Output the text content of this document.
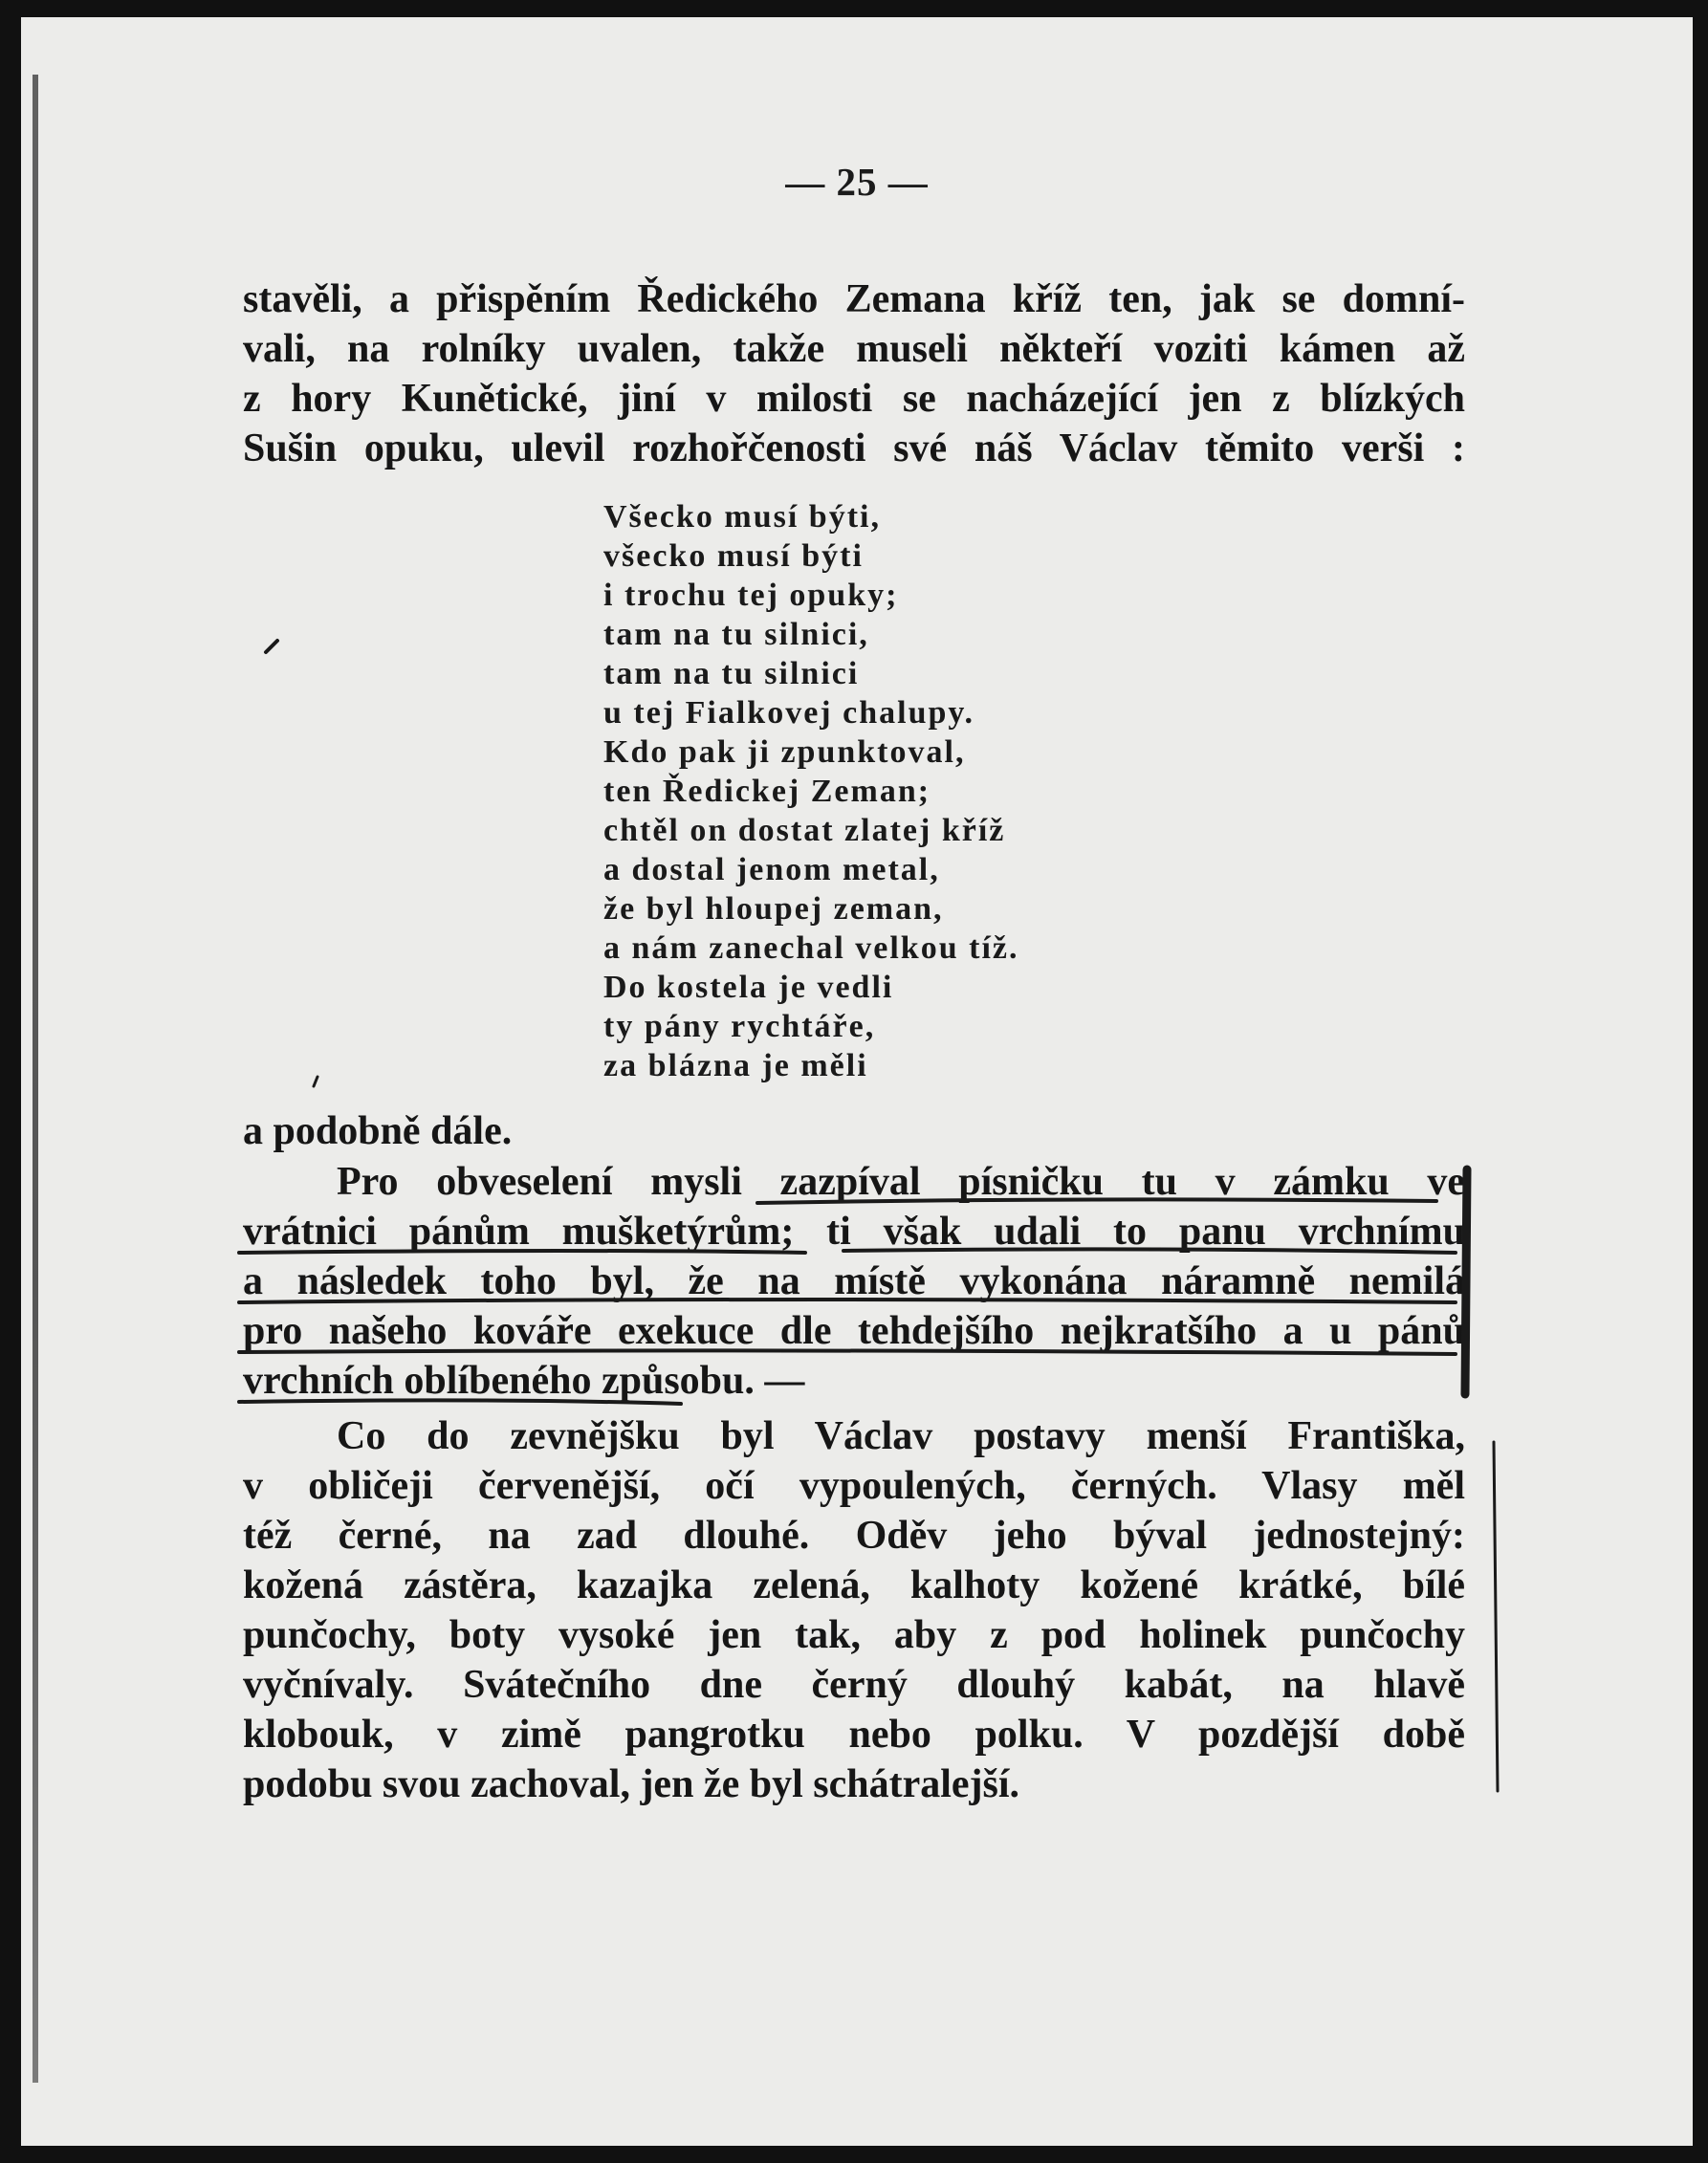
— 25 —
stavěli, a přispěním Ředického Zemana kříž ten, jak se domní-
vali, na rolníky uvalen, takže museli někteří voziti kámen až
z hory Kunětické, jiní v milosti se nacházející jen z blízkých
Sušin opuku, ulevil rozhořčenosti své náš Václav těmito verši :
Všecko musí býti,
všecko musí býti
i trochu tej opuky;
tam na tu silnici,
tam na tu silnici
u tej Fialkovej chalupy.
Kdo pak ji zpunktoval,
ten Ředickej Zeman;
chtěl on dostat zlatej kříž
a dostal jenom metal,
že byl hloupej zeman,
a nám zanechal velkou tíž.
Do kostela je vedli
ty pány rychtáře,
za blázna je měli
a podobně dále.
Pro obveselení mysli zazpíval písničku tu v zámku ve
vrátnici pánům mušketýrům; ti však udali to panu vrchnímu
a následek toho byl, že na místě vykonána náramně nemilá
pro našeho kováře exekuce dle tehdejšího nejkratšího a u pánů
vrchních oblíbeného způsobu. —
Co do zevnějšku byl Václav postavy menší Františka,
v obličeji červenější, očí vypoulených, černých. Vlasy měl
též černé, na zad dlouhé. Oděv jeho býval jednostejný:
kožená zástěra, kazajka zelená, kalhoty kožené krátké, bílé
punčochy, boty vysoké jen tak, aby z pod holinek punčochy
vyčnívaly. Svátečního dne černý dlouhý kabát, na hlavě
klobouk, v zimě pangrotku nebo polku. V pozdější době
podobu svou zachoval, jen že byl schátralejší.
